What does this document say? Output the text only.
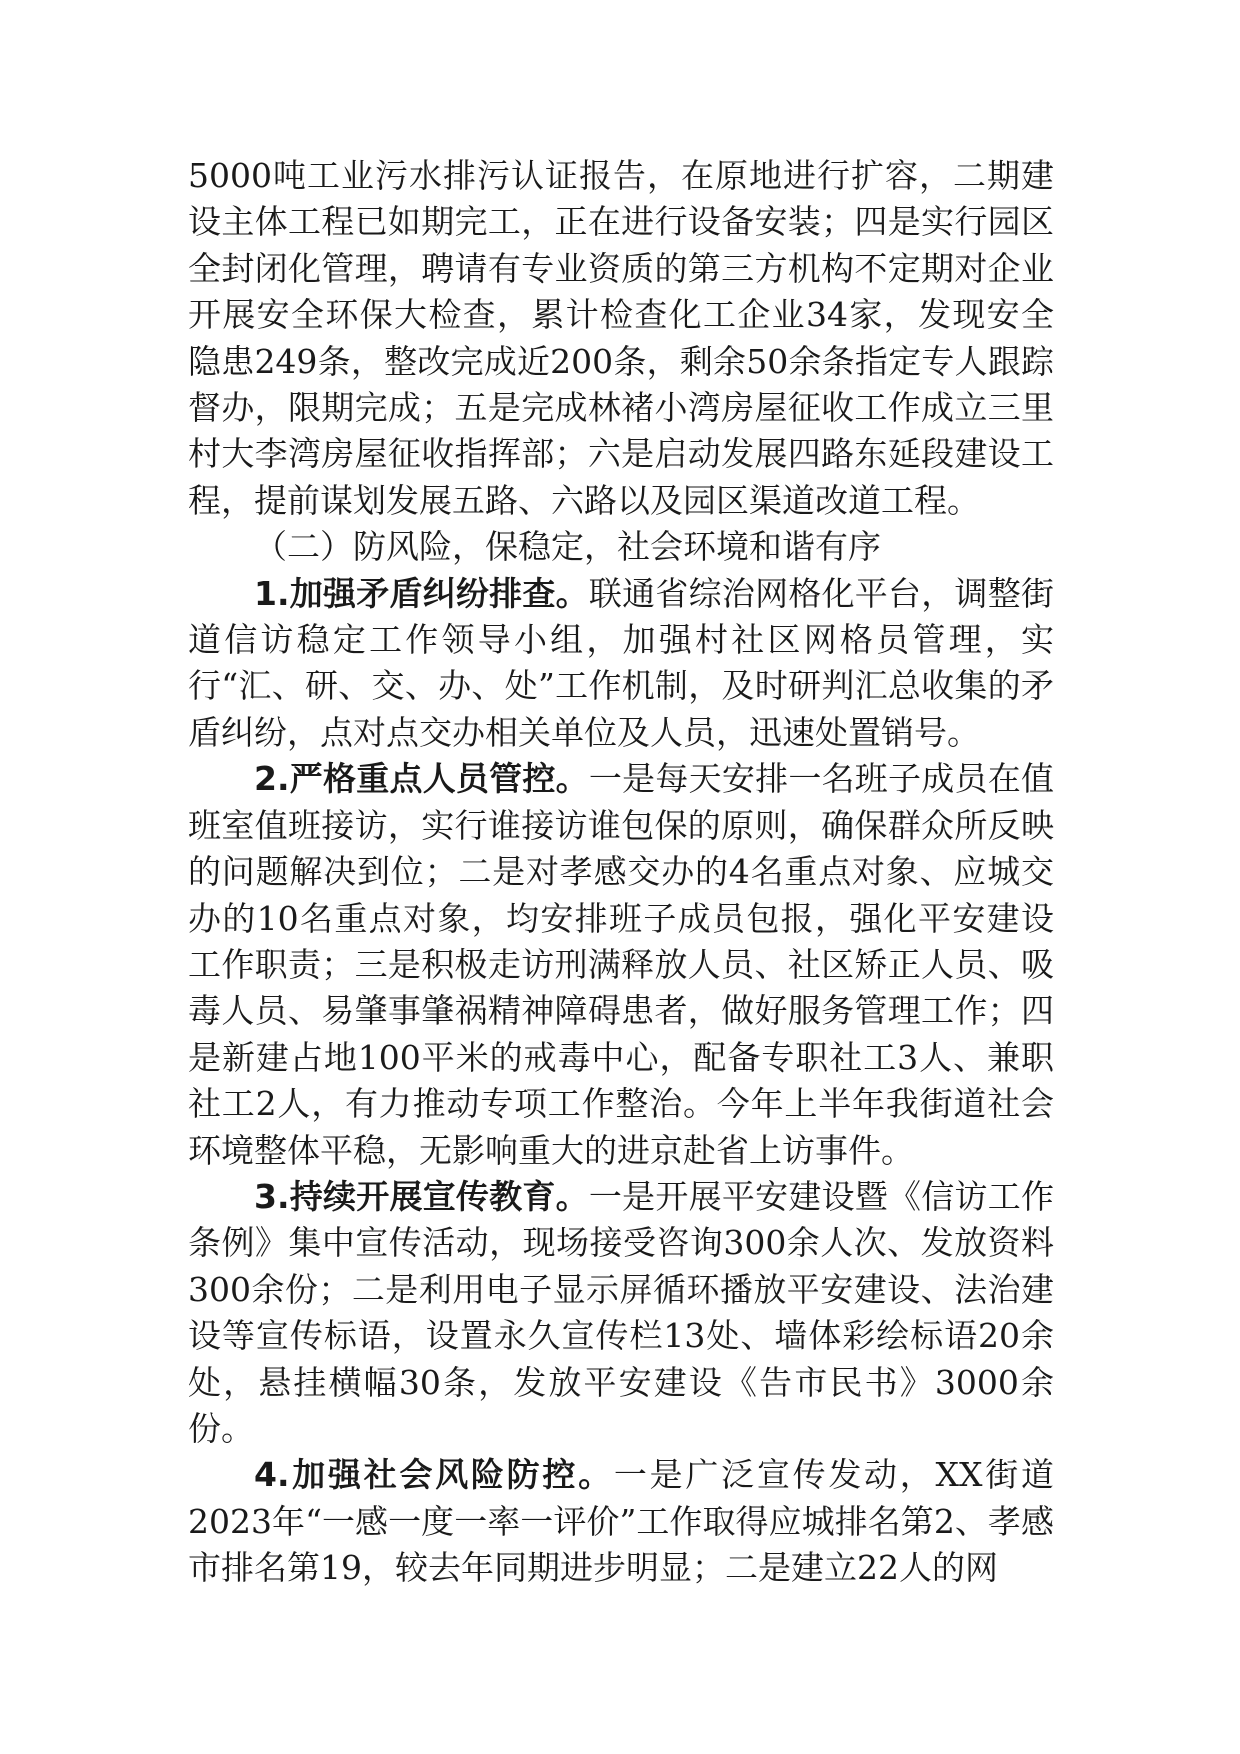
5000吨工业污水排污认证报告，在原地进行扩容，二期建设主体工程已如期完工，正在进行设备安装；四是实行园区全封闭化管理，聘请有专业资质的第三方机构不定期对企业开展安全环保大检查，累计检查化工企业34家，发现安全隐患249条，整改完成近200条，剩余50余条指定专人跟踪督办，限期完成；五是完成林褚小湾房屋征收工作成立三里村大李湾房屋征收指挥部；六是启动发展四路东延段建设工程，提前谋划发展五路、六路以及园区渠道改道工程。

（二）防风险，保稳定，社会环境和谐有序

1.加强矛盾纠纷排查。联通省综治网格化平台，调整街道信访稳定工作领导小组，加强村社区网格员管理，实行“汇、研、交、办、处”工作机制，及时研判汇总收集的矛盾纠纷，点对点交办相关单位及人员，迅速处置销号。

2.严格重点人员管控。一是每天安排一名班子成员在值班室值班接访，实行谁接访谁包保的原则，确保群众所反映的问题解决到位；二是对孝感交办的4名重点对象、应城交办的10名重点对象，均安排班子成员包报，强化平安建设工作职责；三是积极走访刑满释放人员、社区矫正人员、吸毒人员、易肇事肇祸精神障碍患者，做好服务管理工作；四是新建占地100平米的戒毒中心，配备专职社工3人、兼职社工2人，有力推动专项工作整治。今年上半年我街道社会环境整体平稳，无影响重大的进京赴省上访事件。

3.持续开展宣传教育。一是开展平安建设暨《信访工作条例》集中宣传活动，现场接受咨询300余人次、发放资料300余份；二是利用电子显示屏循环播放平安建设、法治建设等宣传标语，设置永久宣传栏13处、墙体彩绘标语20余处，悬挂横幅30条，发放平安建设《告市民书》3000余份。

4.加强社会风险防控。一是广泛宣传发动，XX街道2023年“一感一度一率一评价”工作取得应城排名第2、孝感市排名第19，较去年同期进步明显；二是建立22人的网
